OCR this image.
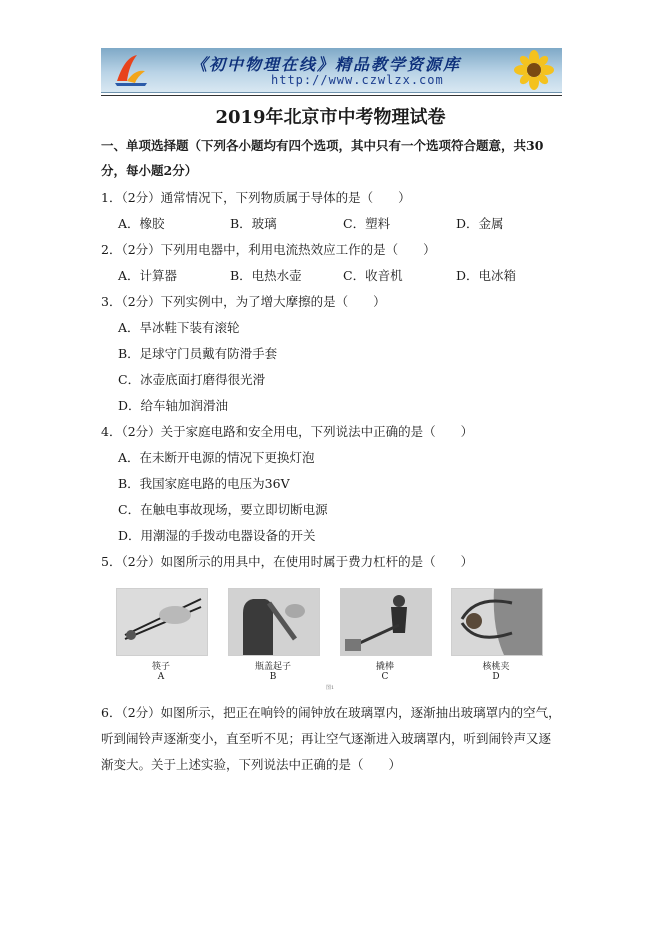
《初中物理在线》精品教学资源库
http://www.czwlzx.com
2019年北京市中考物理试卷
一、单项选择题（下列各小题均有四个选项，其中只有一个选项符合题意，共30分，每小题2分）
1．（2分）通常情况下，下列物质属于导体的是（　　）
A．橡胶	B．玻璃	C．塑料	D．金属
2．（2分）下列用电器中，利用电流热效应工作的是（　　）
A．计算器	B．电热水壶	C．收音机	D．电冰箱
3．（2分）下列实例中，为了增大摩擦的是（　　）
A．旱冰鞋下装有滚轮
B．足球守门员戴有防滑手套
C．冰壶底面打磨得很光滑
D．给车轴加润滑油
4．（2分）关于家庭电路和安全用电，下列说法中正确的是（　　）
A．在未断开电源的情况下更换灯泡
B．我国家庭电路的电压为36V
C．在触电事故现场，要立即切断电源
D．用潮湿的手拨动电器设备的开关
5．（2分）如图所示的用具中，在使用时属于费力杠杆的是（　　）
筷子
A
瓶盖起子
B
撬棒
C
核桃夹
D
图1
6．（2分）如图所示，把正在响铃的闹钟放在玻璃罩内，逐渐抽出玻璃罩内的空气，听到闹铃声逐渐变小，直至听不见；再让空气逐渐进入玻璃罩内，听到闹铃声又逐渐变大。关于上述实验，下列说法中正确的是（　　）
